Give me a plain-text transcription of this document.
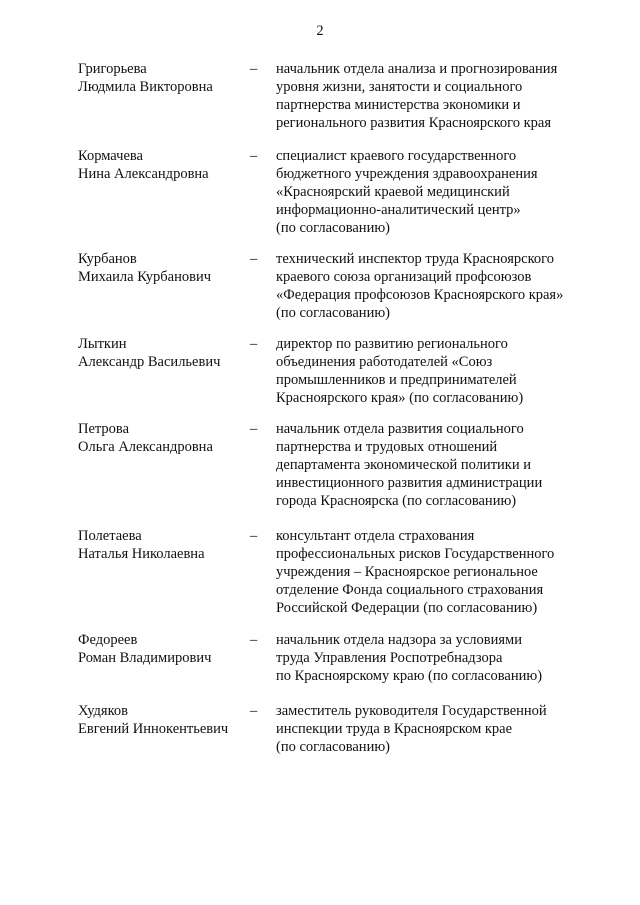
2
Григорьева
Людмила Викторовна
– начальник отдела анализа и прогнозирования
уровня жизни, занятости и социального
партнерства министерства экономики и
регионального развития Красноярского края
Кормачева
Нина Александровна
– специалист краевого государственного
бюджетного учреждения здравоохранения
«Красноярский краевой медицинский
информационно-аналитический центр»
(по согласованию)
Курбанов
Михаила Курбанович
– технический инспектор труда Красноярского
краевого союза организаций профсоюзов
«Федерация профсоюзов Красноярского края»
(по согласованию)
Лыткин
Александр Васильевич
– директор по развитию регионального
объединения работодателей «Союз
промышленников и предпринимателей
Красноярского края» (по согласованию)
Петрова
Ольга Александровна
– начальник отдела развития социального
партнерства и трудовых отношений
департамента экономической политики и
инвестиционного развития администрации
города Красноярска (по согласованию)
Полетаева
Наталья Николаевна
– консультант отдела страхования
профессиональных рисков Государственного
учреждения – Красноярское региональное
отделение Фонда социального страхования
Российской Федерации (по согласованию)
Федореев
Роман Владимирович
– начальник отдела надзора за условиями
труда Управления Роспотребнадзора
по Красноярскому краю (по согласованию)
Худяков
Евгений Иннокентьевич
– заместитель руководителя Государственной
инспекции труда в Красноярском крае
(по согласованию)
